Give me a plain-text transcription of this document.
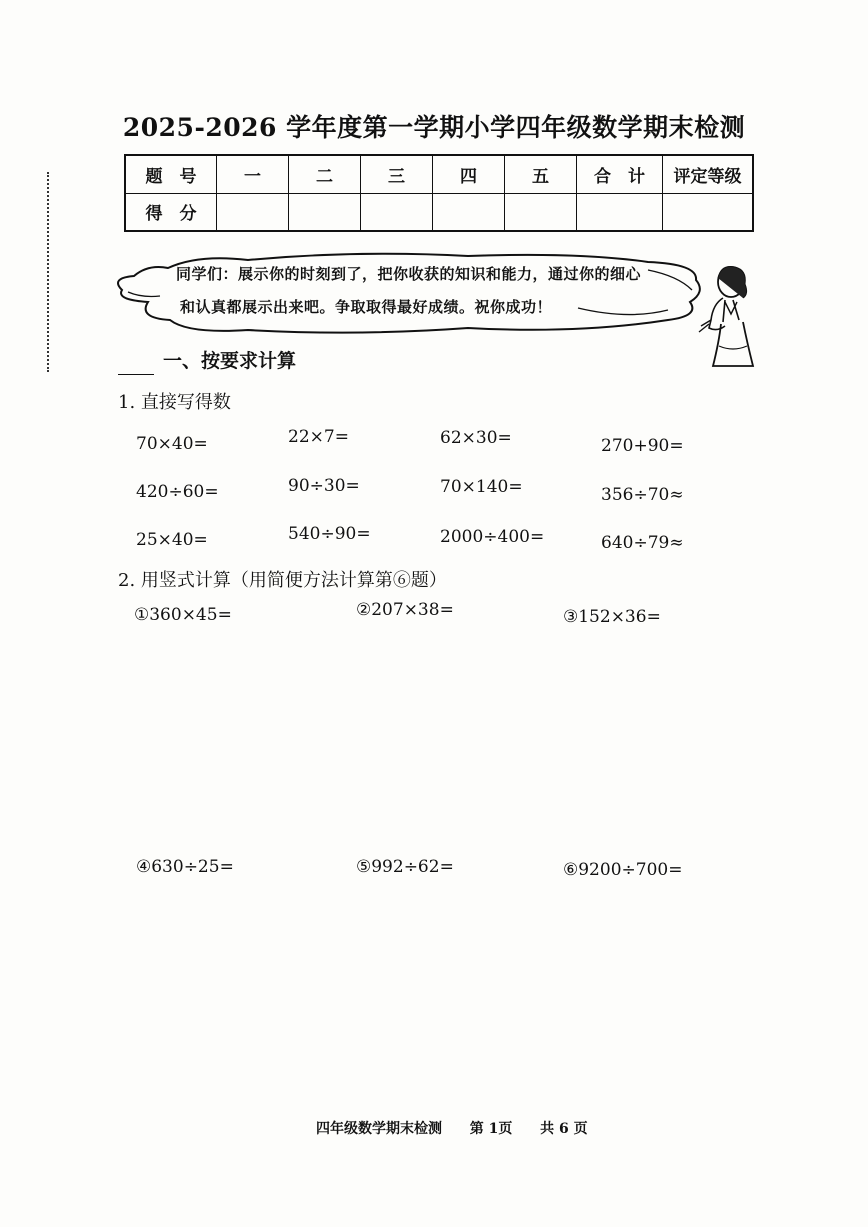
2025-2026 学年度第一学期小学四年级数学期末检测
题　号	一	二	三	四	五	合　计	评定等级
得　分							
同学们：展示你的时刻到了，把你收获的知识和能力，通过你的细心
和认真都展示出来吧。争取取得最好成绩。祝你成功！
一、按要求计算
1. 直接写得数
70×40=	22×7=	62×30=	270+90=
420÷60=	90÷30=	70×140=	356÷70≈
25×40=	540÷90=	2000÷400=	640÷79≈
2. 用竖式计算（用简便方法计算第⑥题）
①360×45=	②207×38=	③152×36=
④630÷25=	⑤992÷62=	⑥9200÷700=
四年级数学期末检测 第 1页 共 6 页
